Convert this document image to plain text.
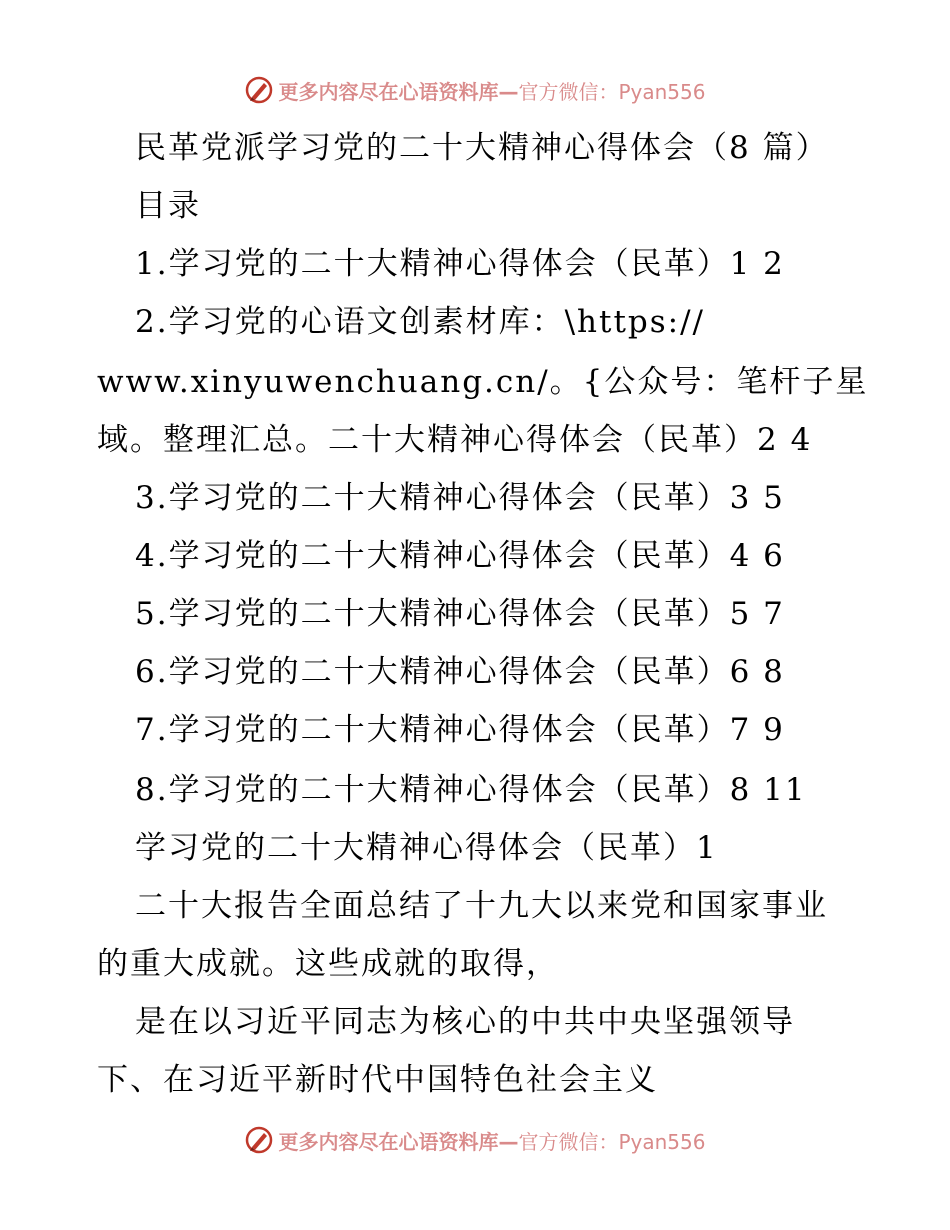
更多内容尽在心语资料库—官方微信：Pyan556
民革党派学习党的二十大精神心得体会（8 篇）
目录
1.学习党的二十大精神心得体会（民革）1 2
2.学习党的心语文创素材库：\https://
www.xinyuwenchuang.cn/。{公众号：笔杆子星
域。整理汇总。二十大精神心得体会（民革）2 4
3.学习党的二十大精神心得体会（民革）3 5
4.学习党的二十大精神心得体会（民革）4 6
5.学习党的二十大精神心得体会（民革）5 7
6.学习党的二十大精神心得体会（民革）6 8
7.学习党的二十大精神心得体会（民革）7 9
8.学习党的二十大精神心得体会（民革）8 11
学习党的二十大精神心得体会（民革）1
二十大报告全面总结了十九大以来党和国家事业
的重大成就。这些成就的取得，
是在以习近平同志为核心的中共中央坚强领导
下、在习近平新时代中国特色社会主义
更多内容尽在心语资料库—官方微信：Pyan556
